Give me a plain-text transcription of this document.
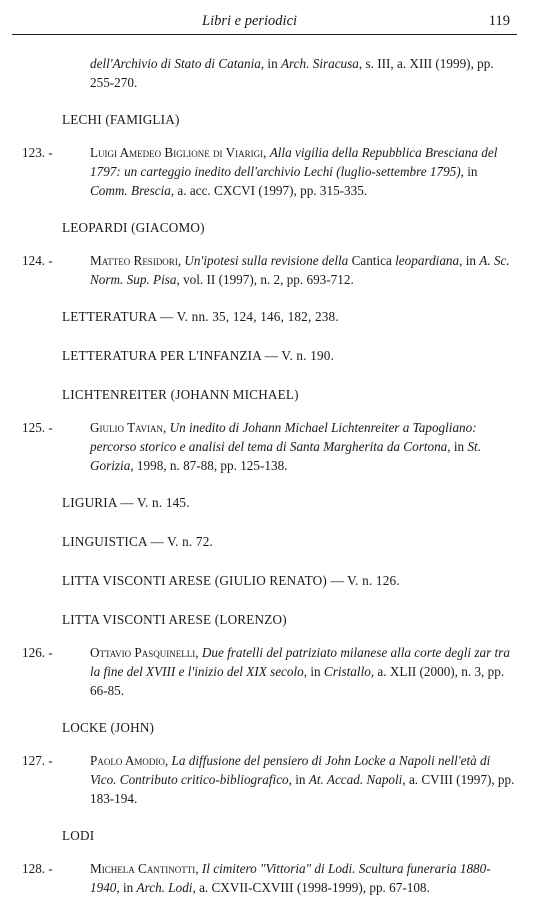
Libri e periodici	119
dell'Archivio di Stato di Catania, in Arch. Siracusa, s. III, a. XIII (1999), pp. 255-270.
LECHI (FAMIGLIA)
123. -	Luigi Amedeo Biglione di Viarigi, Alla vigilia della Repubblica Bresciana del 1797: un carteggio inedito dell'archivio Lechi (luglio-settembre 1795), in Comm. Brescia, a. acc. CXCVI (1997), pp. 315-335.
LEOPARDI (GIACOMO)
124. -	Matteo Residori, Un'ipotesi sulla revisione della Cantica leopardiana, in A. Sc. Norm. Sup. Pisa, vol. II (1997), n. 2, pp. 693-712.
LETTERATURA — V. nn. 35, 124, 146, 182, 238.
LETTERATURA PER L'INFANZIA — V. n. 190.
LICHTENREITER (JOHANN MICHAEL)
125. -	Giulio Tavian, Un inedito di Johann Michael Lichtenreiter a Tapogliano: percorso storico e analisi del tema di Santa Margherita da Cortona, in St. Gorizia, 1998, n. 87-88, pp. 125-138.
LIGURIA — V. n. 145.
LINGUISTICA — V. n. 72.
LITTA VISCONTI ARESE (GIULIO RENATO) — V. n. 126.
LITTA VISCONTI ARESE (LORENZO)
126. -	Ottavio Pasquinelli, Due fratelli del patriziato milanese alla corte degli zar tra la fine del XVIII e l'inizio del XIX secolo, in Cristallo, a. XLII (2000), n. 3, pp. 66-85.
LOCKE (JOHN)
127. -	Paolo Amodio, La diffusione del pensiero di John Locke a Napoli nell'età di Vico. Contributo critico-bibliografico, in At. Accad. Napoli, a. CVIII (1997), pp. 183-194.
LODI
128. -	Michela Cantinotti, Il cimitero "Vittoria" di Lodi. Scultura funeraria 1880-1940, in Arch. Lodi, a. CXVII-CXVIII (1998-1999), pp. 67-108.
